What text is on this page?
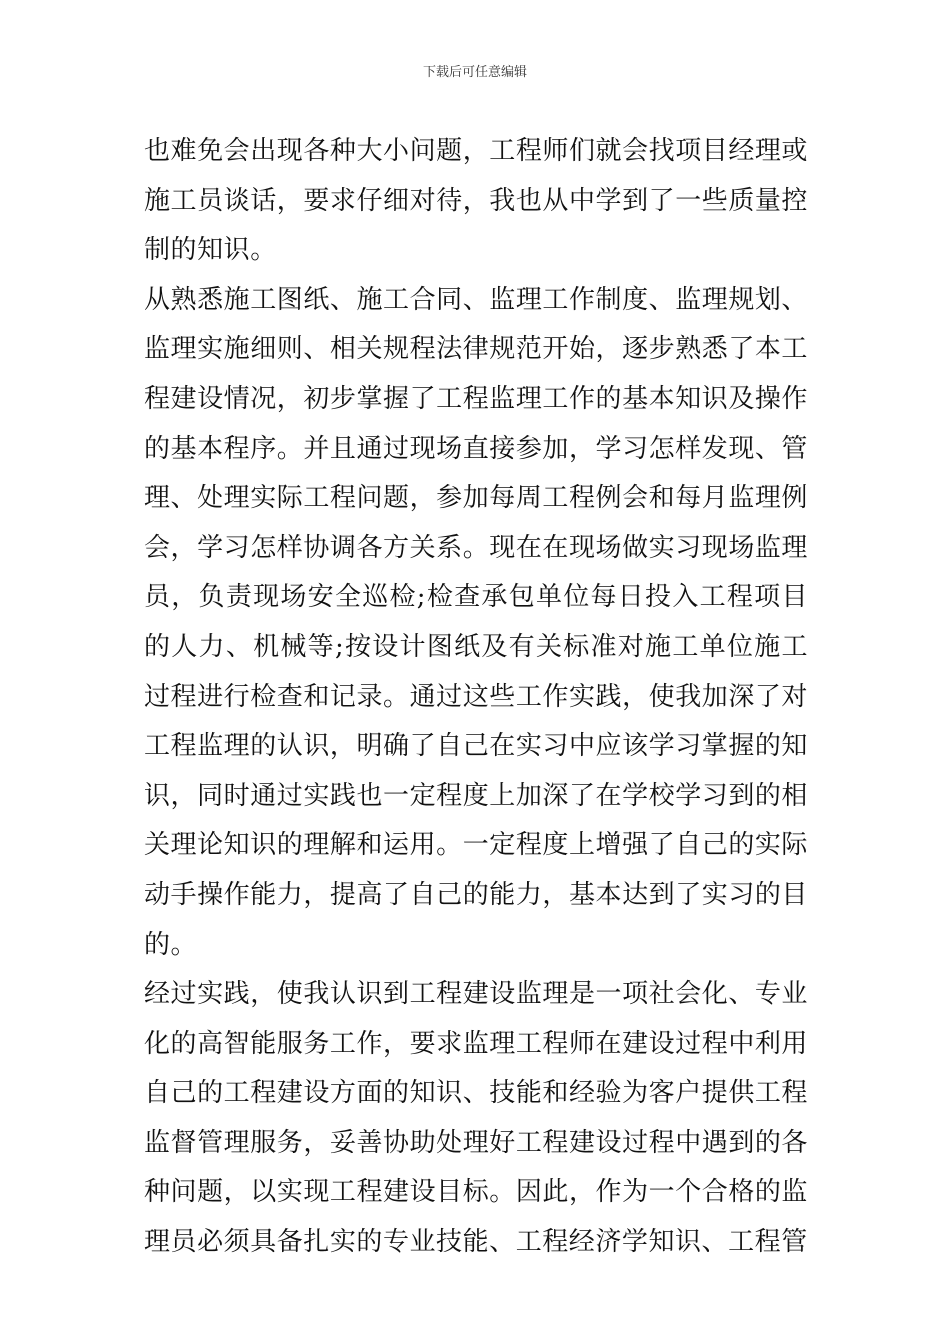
下载后可任意编辑

也难免会出现各种大小问题，工程师们就会找项目经理或施工员谈话，要求仔细对待，我也从中学到了一些质量控制的知识。

从熟悉施工图纸、施工合同、监理工作制度、监理规划、监理实施细则、相关规程法律规范开始，逐步熟悉了本工程建设情况，初步掌握了工程监理工作的基本知识及操作的基本程序。并且通过现场直接参加，学习怎样发现、管理、处理实际工程问题，参加每周工程例会和每月监理例会，学习怎样协调各方关系。现在在现场做实习现场监理员，负责现场安全巡检;检查承包单位每日投入工程项目的人力、机械等;按设计图纸及有关标准对施工单位施工过程进行检查和记录。通过这些工作实践，使我加深了对工程监理的认识，明确了自己在实习中应该学习掌握的知识，同时通过实践也一定程度上加深了在学校学习到的相关理论知识的理解和运用。一定程度上增强了自己的实际动手操作能力，提高了自己的能力，基本达到了实习的目的。

经过实践，使我认识到工程建设监理是一项社会化、专业化的高智能服务工作，要求监理工程师在建设过程中利用自己的工程建设方面的知识、技能和经验为客户提供工程监督管理服务，妥善协助处理好工程建设过程中遇到的各种问题，以实现工程建设目标。因此，作为一个合格的监理员必须具备扎实的专业技能、工程经济学知识、工程管
